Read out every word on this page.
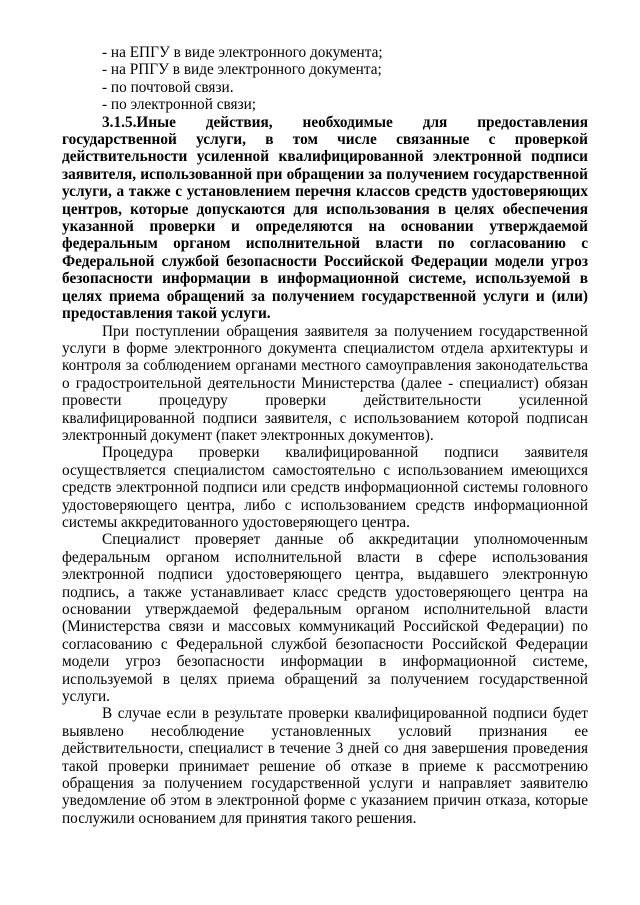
- на ЕПГУ в виде электронного документа;

- на РПГУ в виде электронного документа;

- по почтовой связи.

- по электронной связи;

3.1.5.Иные действия, необходимые для предоставления государственной услуги, в том числе связанные с проверкой действительности усиленной квалифицированной электронной подписи заявителя, использованной при обращении за получением государственной услуги, а также с установлением перечня классов средств удостоверяющих центров, которые допускаются для использования в целях обеспечения указанной проверки и определяются на основании утверждаемой федеральным органом исполнительной власти по согласованию с Федеральной службой безопасности Российской Федерации модели угроз безопасности информации в информационной системе, используемой в целях приема обращений за получением государственной услуги и (или) предоставления такой услуги.

При поступлении обращения заявителя за получением государственной услуги в форме электронного документа специалистом отдела архитектуры и контроля за соблюдением органами местного самоуправления законодательства о градостроительной деятельности Министерства (далее - специалист) обязан провести процедуру проверки действительности усиленной квалифицированной подписи заявителя, с использованием которой подписан электронный документ (пакет электронных документов).

Процедура проверки квалифицированной подписи заявителя осуществляется специалистом самостоятельно с использованием имеющихся средств электронной подписи или средств информационной системы головного удостоверяющего центра, либо с использованием средств информационной системы аккредитованного удостоверяющего центра.

Специалист проверяет данные об аккредитации уполномоченным федеральным органом исполнительной власти в сфере использования электронной подписи удостоверяющего центра, выдавшего электронную подпись, а также устанавливает класс средств удостоверяющего центра на основании утверждаемой федеральным органом исполнительной власти (Министерства связи и массовых коммуникаций Российской Федерации) по согласованию с Федеральной службой безопасности Российской Федерации модели угроз безопасности информации в информационной системе, используемой в целях приема обращений за получением государственной услуги.

В случае если в результате проверки квалифицированной подписи будет выявлено несоблюдение установленных условий признания ее действительности, специалист в течение 3 дней со дня завершения проведения такой проверки принимает решение об отказе в приеме к рассмотрению обращения за получением государственной услуги и направляет заявителю уведомление об этом в электронной форме с указанием причин отказа, которые послужили основанием для принятия такого решения.
